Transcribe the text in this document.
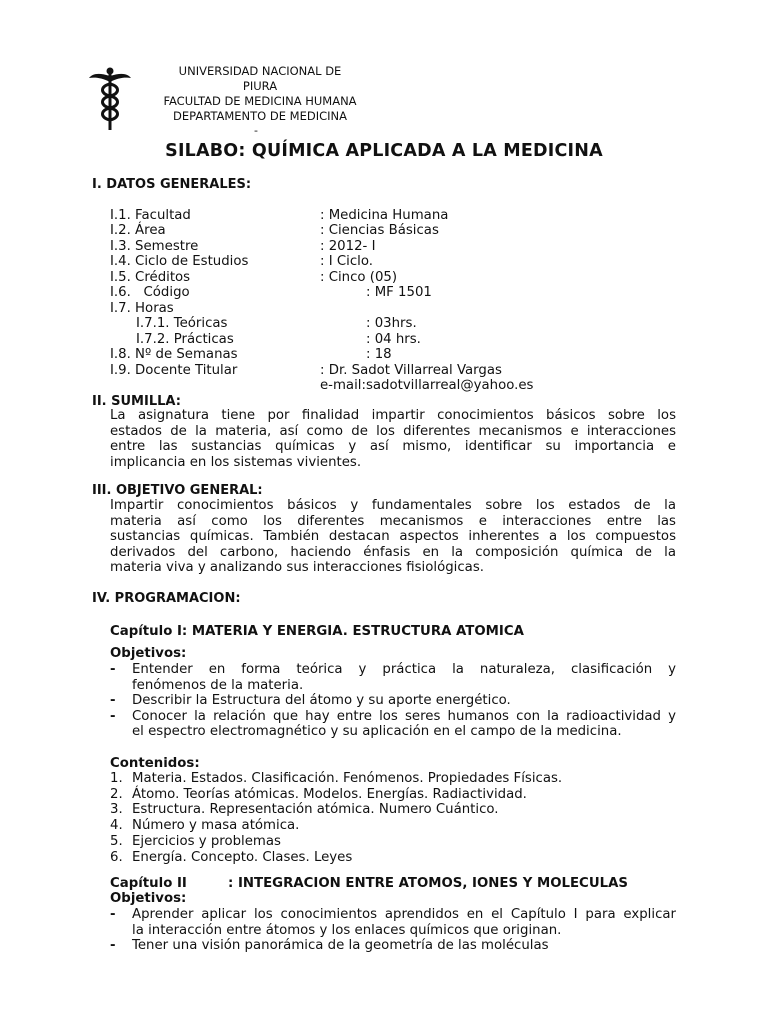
UNIVERSIDAD NACIONAL DE
PIURA
FACULTAD DE MEDICINA HUMANA
DEPARTAMENTO DE MEDICINA
-
SILABO: QUÍMICA APLICADA A LA MEDICINA
I. DATOS GENERALES:
I.1. Facultad	: Medicina Humana
I.2. Área	: Ciencias Básicas
I.3. Semestre	: 2012- I
I.4. Ciclo de Estudios	: I Ciclo.
I.5. Créditos	: Cinco (05)
I.6.   Código	: MF 1501
I.7. Horas
I.7.1. Teóricas	: 03hrs.
I.7.2. Prácticas	: 04 hrs.
I.8. Nº de Semanas	: 18
I.9. Docente Titular	: Dr. Sadot Villarreal Vargas
e-mail:sadotvillarreal@yahoo.es
II. SUMILLA:
La asignatura tiene por finalidad impartir conocimientos básicos sobre los
estados de la materia, así como de los diferentes mecanismos e interacciones
entre las sustancias químicas y así mismo, identificar su importancia e
implicancia en los sistemas vivientes.
III. OBJETIVO GENERAL:
Impartir conocimientos básicos y fundamentales sobre los estados de la
materia así como los diferentes mecanismos e interacciones entre las
sustancias químicas. También destacan aspectos inherentes a los compuestos
derivados del carbono, haciendo énfasis en la composición química de la
materia viva y analizando sus interacciones fisiológicas.
IV. PROGRAMACION:
Capítulo I: MATERIA Y ENERGIA. ESTRUCTURA ATOMICA
Objetivos:
- Entender en forma teórica y práctica la naturaleza, clasificación y
fenómenos de la materia.
- Describir la Estructura del átomo y su aporte energético.
- Conocer la relación que hay entre los seres humanos con la radioactividad y
el espectro electromagnético y su aplicación en el campo de la medicina.
Contenidos:
1. Materia. Estados. Clasificación. Fenómenos. Propiedades Físicas.
2. Átomo. Teorías atómicas. Modelos. Energías. Radiactividad.
3. Estructura. Representación atómica. Numero Cuántico.
4. Número y masa atómica.
5. Ejercicios y problemas
6. Energía. Concepto. Clases. Leyes
Capítulo II	: INTEGRACION ENTRE ATOMOS, IONES Y MOLECULAS
Objetivos:
- Aprender aplicar los conocimientos aprendidos en el Capítulo I para explicar
la interacción entre átomos y los enlaces químicos que originan.
- Tener una visión panorámica de la geometría de las moléculas
